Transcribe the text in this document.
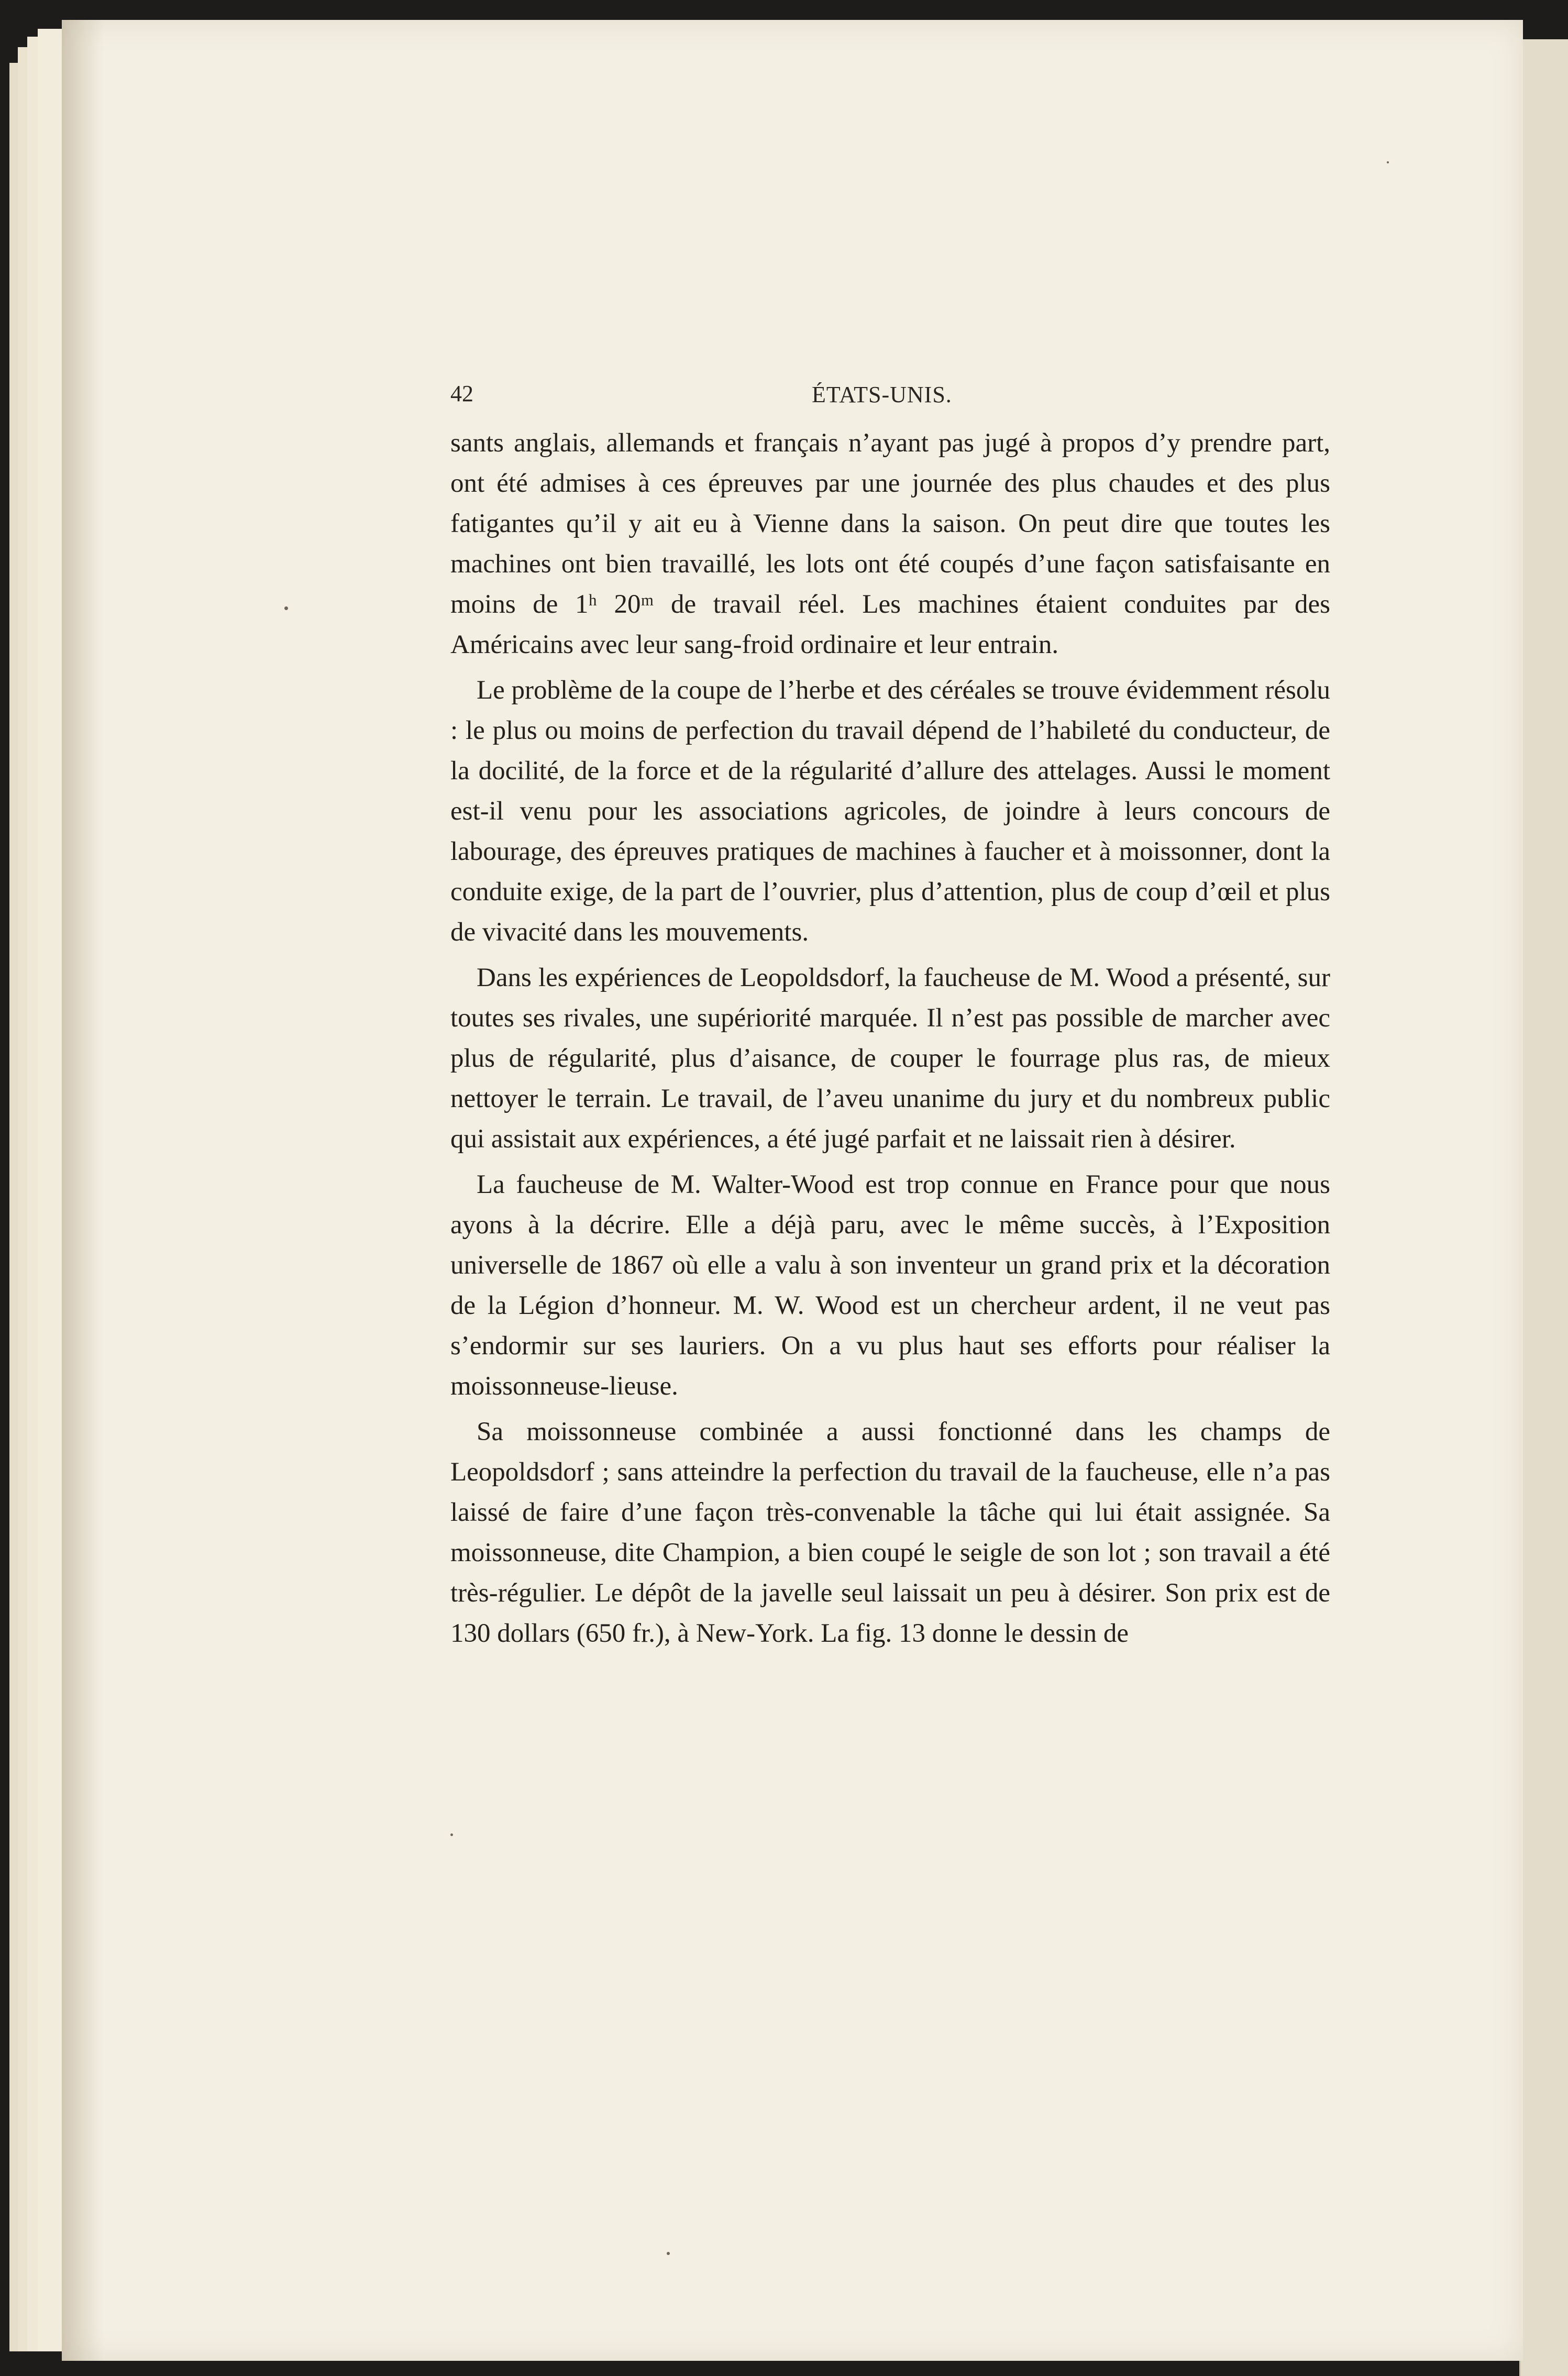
42	ÉTATS-UNIS.

sants anglais, allemands et français n’ayant pas jugé à propos d’y prendre part, ont été admises à ces épreuves par une journée des plus chaudes et des plus fatigantes qu’il y ait eu à Vienne dans la saison. On peut dire que toutes les machines ont bien travaillé, les lots ont été coupés d’une façon satisfaisante en moins de 1ʰ 20ᵐ de travail réel. Les machines étaient conduites par des Américains avec leur sang-froid ordinaire et leur entrain.

Le problème de la coupe de l’herbe et des céréales se trouve évidemment résolu : le plus ou moins de perfection du travail dépend de l’habileté du conducteur, de la docilité, de la force et de la régularité d’allure des attelages. Aussi le moment est-il venu pour les associations agricoles, de joindre à leurs concours de labourage, des épreuves pratiques de machines à faucher et à moissonner, dont la conduite exige, de la part de l’ouvrier, plus d’attention, plus de coup d’œil et plus de vivacité dans les mouvements.

Dans les expériences de Leopoldsdorf, la faucheuse de M. Wood a présenté, sur toutes ses rivales, une supériorité marquée. Il n’est pas possible de marcher avec plus de régularité, plus d’aisance, de couper le fourrage plus ras, de mieux nettoyer le terrain. Le travail, de l’aveu unanime du jury et du nombreux public qui assistait aux expériences, a été jugé parfait et ne laissait rien à désirer.

La faucheuse de M. Walter-Wood est trop connue en France pour que nous ayons à la décrire. Elle a déjà paru, avec le même succès, à l’Exposition universelle de 1867 où elle a valu à son inventeur un grand prix et la décoration de la Légion d’honneur. M. W. Wood est un chercheur ardent, il ne veut pas s’endormir sur ses lauriers. On a vu plus haut ses efforts pour réaliser la moissonneuse-lieuse.

Sa moissonneuse combinée a aussi fonctionné dans les champs de Leopoldsdorf ; sans atteindre la perfection du travail de la faucheuse, elle n’a pas laissé de faire d’une façon très-convenable la tâche qui lui était assignée. Sa moissonneuse, dite Champion, a bien coupé le seigle de son lot ; son travail a été très-régulier. Le dépôt de la javelle seul laissait un peu à désirer. Son prix est de 130 dollars (650 fr.), à New-York. La fig. 13 donne le dessin de
